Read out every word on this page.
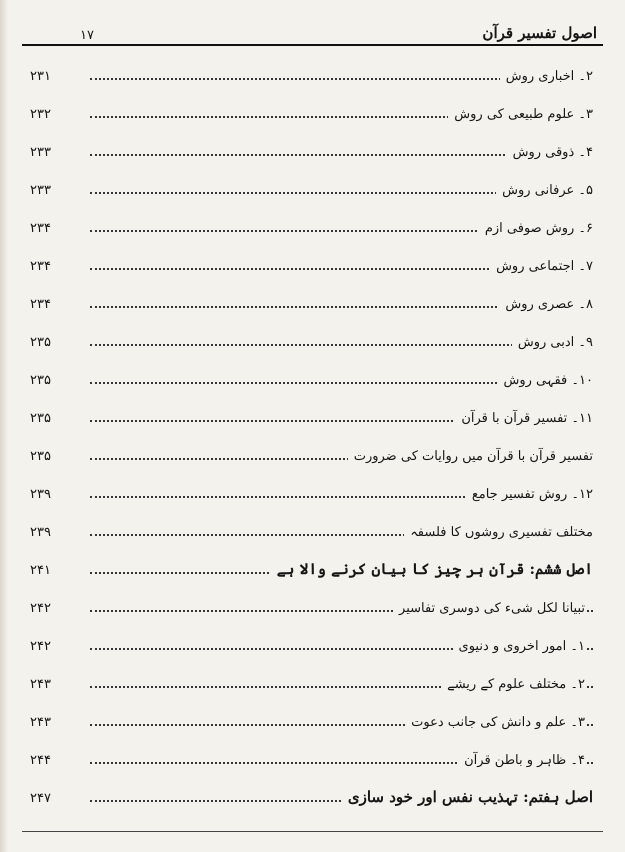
۱۷	اصول تفسیر قرآن
۲۳۱	۲۔ اخباری روش
۲۳۲	۳۔ علوم طبیعی کی روش
۲۳۳	۴۔ ذوقی روش
۲۳۳	۵۔ عرفانی روش
۲۳۴	۶۔ روش صوفی ازم
۲۳۴	۷۔ اجتماعی روش
۲۳۴	۸۔ عصری روش
۲۳۵	۹۔ ادبی روش
۲۳۵	۱۰۔ فقہی روش
۲۳۵	۱۱۔ تفسیر قرآن با قرآن
۲۳۵	تفسیر قرآن با قرآن میں روایات کی ضرورت
۲۳۹	۱۲۔ روش تفسیر جامع
۲۳۹	مختلف تفسیری روشوں کا فلسفہ
۲۴۱	اصل ششم: قرآن ہر چیز کا بیان کرنے والا ہے
۲۴۲	تبیانا لکل شیء کی دوسری تفاسیر
۲۴۲	۱۔ امور اخروی و دنیوی
۲۴۳	۲۔ مختلف علوم کے ریشے
۲۴۳	۳۔ علم و دانش کی جانب دعوت
۲۴۴	۴۔ ظاہر و باطن قرآن
۲۴۷	اصل ہفتم: تہذیب نفس اور خود سازی
